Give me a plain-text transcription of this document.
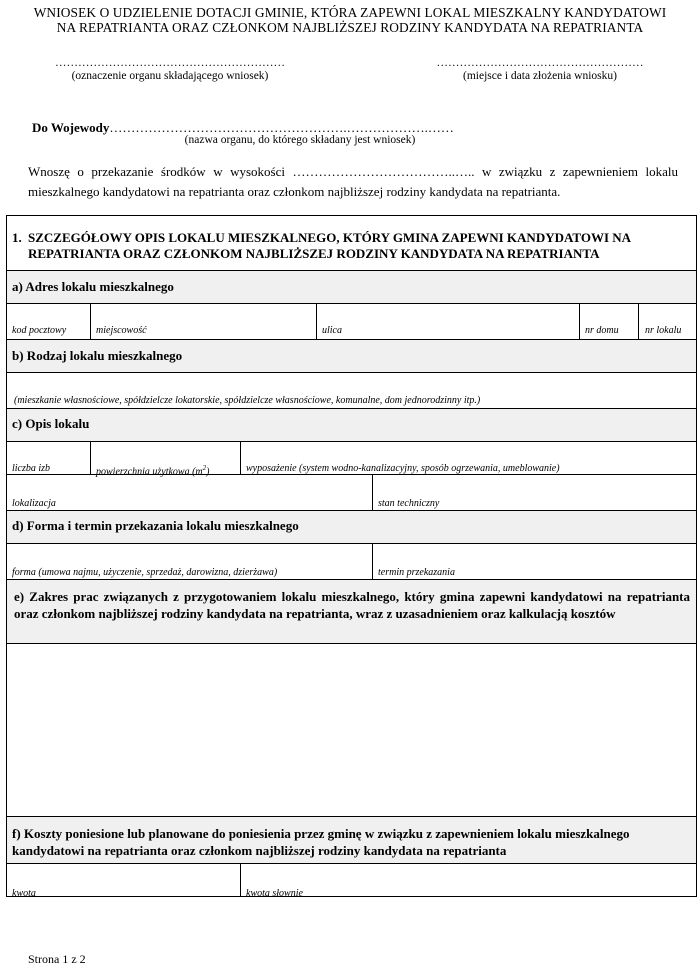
WNIOSEK O UDZIELENIE DOTACJI GMINIE, KTÓRA ZAPEWNI LOKAL MIESZKALNY KANDYDATOWI
NA REPATRIANTA ORAZ CZŁONKOM NAJBLIŻSZEJ RODZINY KANDYDATA NA REPATRIANTA
……………………………………………………
(oznaczenie organu składającego wniosek)
………………………………………………
(miejsce i data złożenia wniosku)
Do Wojewody……………………………………………….……………….……
(nazwa organu, do którego składany jest wniosek)
Wnoszę o przekazanie środków w wysokości ………………………………..….. w związku z zapewnieniem lokalu mieszkalnego kandydatowi na repatrianta oraz członkom najbliższej rodziny kandydata na repatrianta.
1. SZCZEGÓŁOWY OPIS LOKALU MIESZKALNEGO, KTÓRY GMINA ZAPEWNI KANDYDATOWI NA REPATRIANTA ORAZ CZŁONKOM NAJBLIŻSZEJ RODZINY KANDYDATA NA REPATRIANTA
a) Adres lokalu mieszkalnego
kod pocztowy	miejscowość	ulica	nr domu	nr lokalu
b) Rodzaj lokalu mieszkalnego
(mieszkanie własnościowe, spółdzielcze lokatorskie, spółdzielcze własnościowe, komunalne, dom jednorodzinny itp.)
c) Opis lokalu
liczba izb	powierzchnia użytkowa $(m^2)$	wyposażenie (system wodno-kanalizacyjny, sposób ogrzewania, umeblowanie)
lokalizacja	stan techniczny
d) Forma i termin przekazania lokalu mieszkalnego
forma (umowa najmu, użyczenie, sprzedaż, darowizna, dzierżawa)	termin przekazania
e) Zakres prac związanych z przygotowaniem lokalu mieszkalnego, który gmina zapewni kandydatowi na repatrianta oraz członkom najbliższej rodziny kandydata na repatrianta, wraz z uzasadnieniem oraz kalkulacją kosztów
f) Koszty poniesione lub planowane do poniesienia przez gminę w związku z zapewnieniem lokalu mieszkalnego kandydatowi na repatrianta oraz członkom najbliższej rodziny kandydata na repatrianta
kwota	kwota słownie
Strona 1 z 2
